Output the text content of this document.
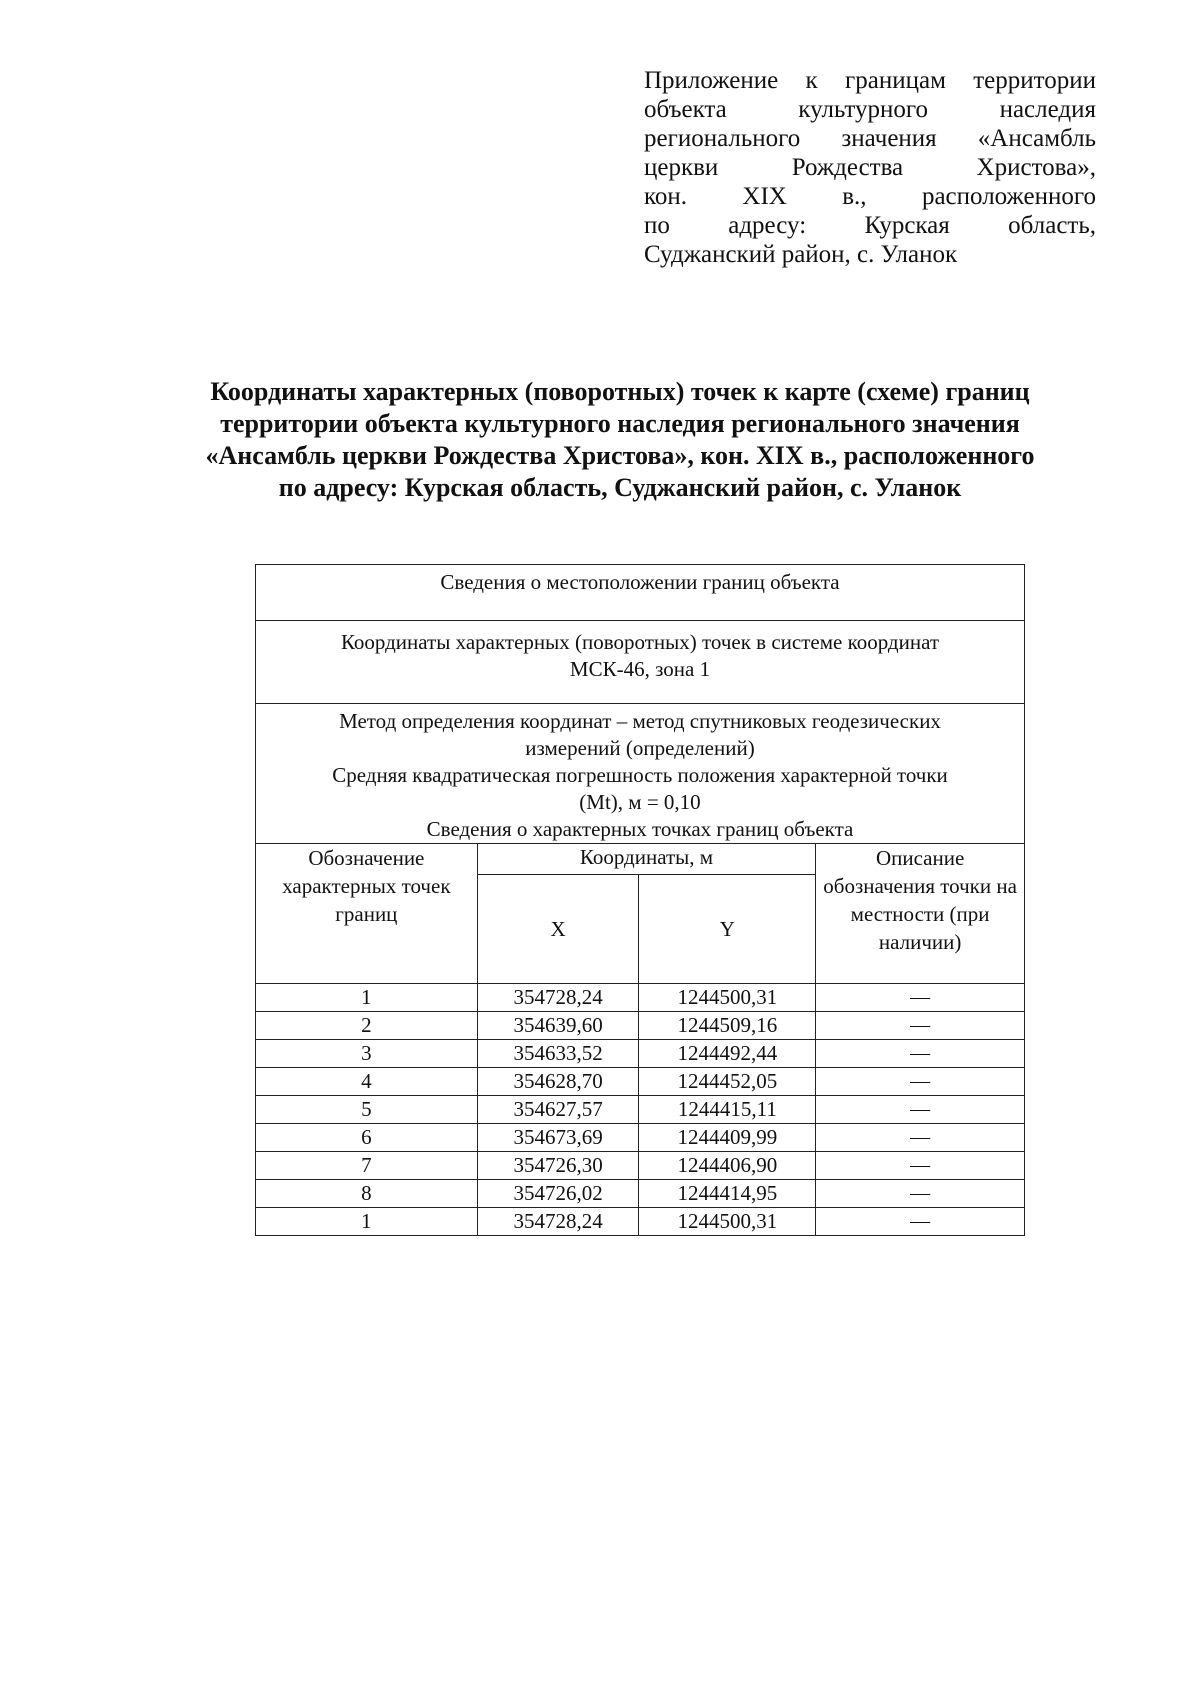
Приложение к границам территории
объекта культурного наследия
регионального значения «Ансамбль
церкви Рождества Христова»,
кон. XIX в., расположенного
по адресу: Курская область,
Суджанский район, с. Уланок
Координаты характерных (поворотных) точек к карте (схеме) границ
территории объекта культурного наследия регионального значения
«Ансамбль церкви Рождества Христова», кон. XIX в., расположенного
по адресу: Курская область, Суджанский район, с. Уланок
Сведения о местоположении границ объекта			

Координаты характерных (поворотных) точек в системе координат
МСК-46, зона 1			

Метод определения координат – метод спутниковых геодезических
измерений (определений)
Средняя квадратическая погрешность положения характерной точки
(Mt), м = 0,10
Сведения о характерных точках границ объекта			

Обозначение характерных точек границ	Координаты, м		Описание обозначения точки на местности (при наличии)
	X	Y	
1	354728,24	1244500,31	—
2	354639,60	1244509,16	—
3	354633,52	1244492,44	—
4	354628,70	1244452,05	—
5	354627,57	1244415,11	—
6	354673,69	1244409,99	—
7	354726,30	1244406,90	—
8	354726,02	1244414,95	—
1	354728,24	1244500,31	—
